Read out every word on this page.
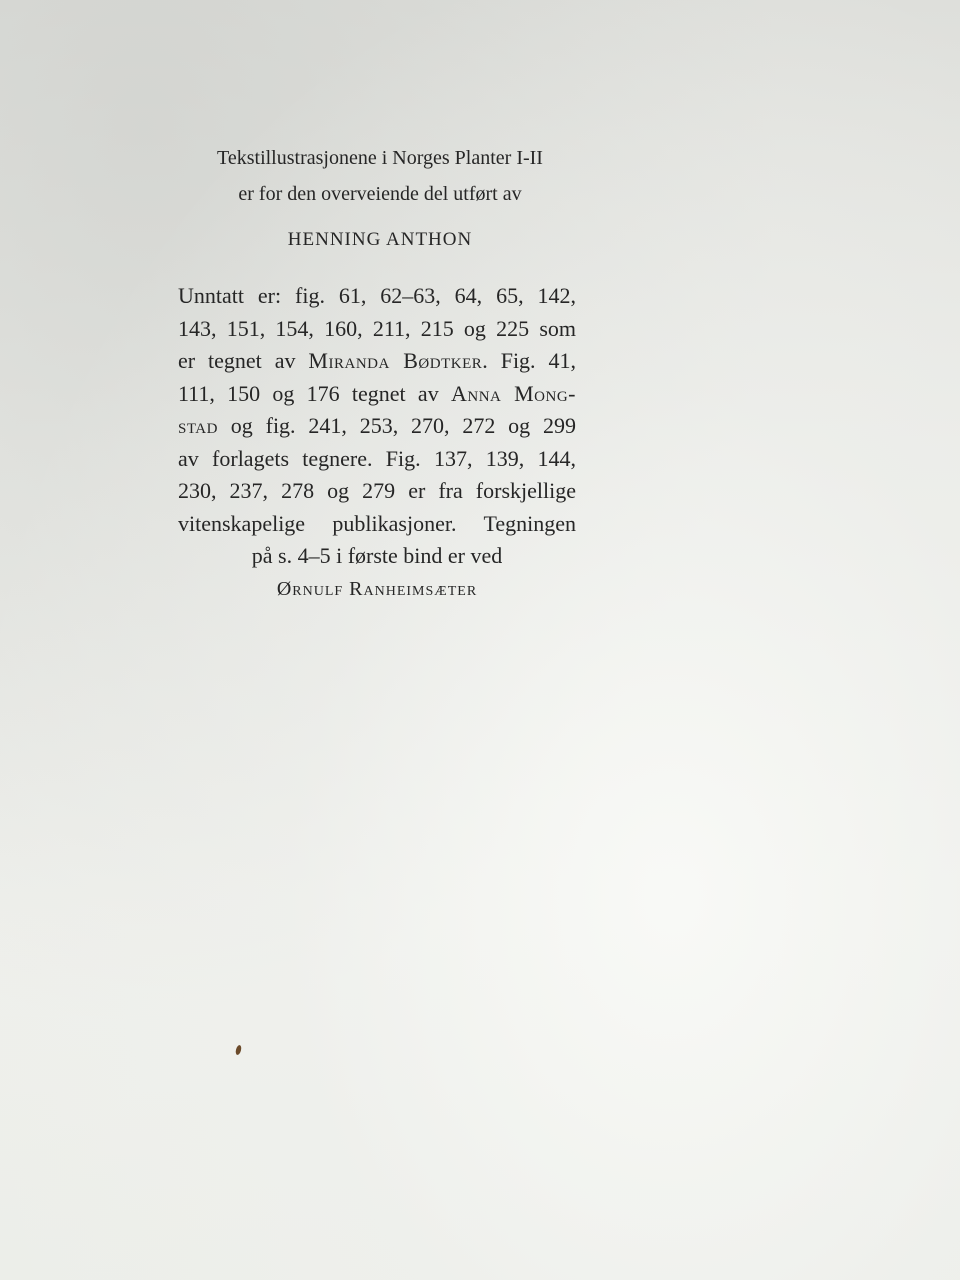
Tekstillustrasjonene i Norges Planter I-II

er for den overveiende del utført av

HENNING ANTHON

Unntatt er: fig. 61, 62–63, 64, 65, 142,
143, 151, 154, 160, 211, 215 og 225 som
er tegnet av Miranda Bødtker. Fig. 41,
111, 150 og 176 tegnet av Anna Mong-
stad og fig. 241, 253, 270, 272 og 299
av forlagets tegnere. Fig. 137, 139, 144,
230, 237, 278 og 279 er fra forskjellige
vitenskapelige publikasjoner. Tegningen
på s. 4–5 i første bind er ved
Ørnulf Ranheimsæter
